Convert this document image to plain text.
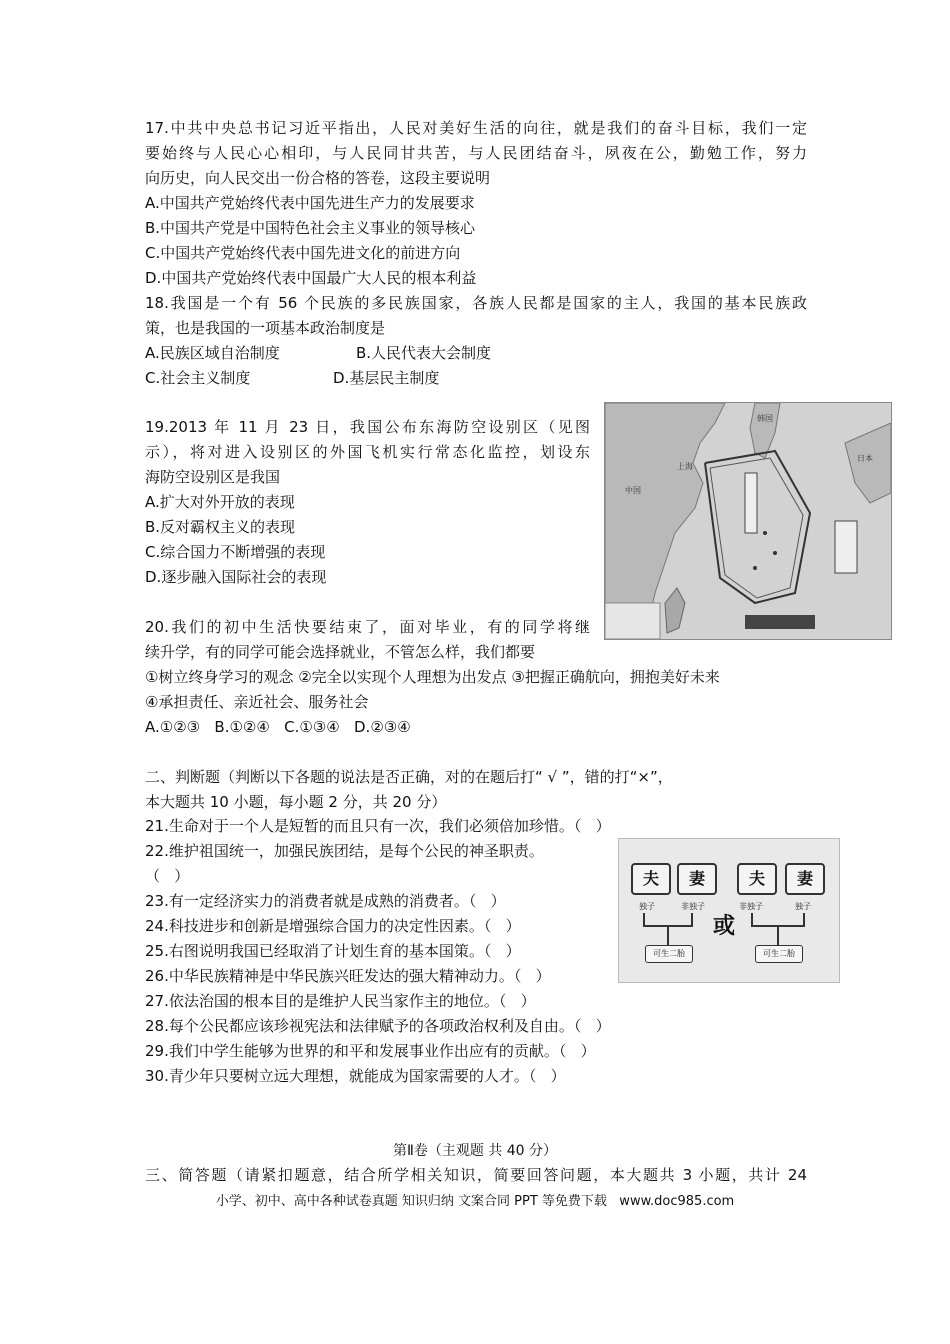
17.中共中央总书记习近平指出，人民对美好生活的向往，就是我们的奋斗目标，我们一定
要始终与人民心心相印，与人民同甘共苦，与人民团结奋斗，夙夜在公，勤勉工作，努力
向历史，向人民交出一份合格的答卷，这段主要说明
A.中国共产党始终代表中国先进生产力的发展要求
B.中国共产党是中国特色社会主义事业的领导核心
C.中国共产党始终代表中国先进文化的前进方向
D.中国共产党始终代表中国最广大人民的根本利益
18.我国是一个有 56 个民族的多民族国家，各族人民都是国家的主人，我国的基本民族政
策，也是我国的一项基本政治制度是
A.民族区域自治制度	B.人民代表大会制度
C.社会主义制度	D.基层民主制度
19.2013 年 11 月 23 日，我国公布东海防空设别区（见图
示），将对进入设别区的外国飞机实行常态化监控，划设东
海防空设别区是我国
A.扩大对外开放的表现
B.反对霸权主义的表现
C.综合国力不断增强的表现
D.逐步融入国际社会的表现
中国
上海
日本
韩国
20.我们的初中生活快要结束了，面对毕业，有的同学将继
续升学，有的同学可能会选择就业，不管怎么样，我们都要
①树立终身学习的观念 ②完全以实现个人理想为出发点 ③把握正确航向，拥抱美好未来
④承担责任、亲近社会、服务社会
A.①②③   B.①②④   C.①③④   D.②③④
二、判断题（判断以下各题的说法是否正确，对的在题后打“ √ ”，错的打“×”，
本大题共 10 小题，每小题 2 分，共 20 分）
21.生命对于一个人是短暂的而且只有一次，我们必须倍加珍惜。（   ）
22.维护祖国统一，加强民族团结，是每个公民的神圣职责。
（   ）
23.有一定经济实力的消费者就是成熟的消费者。（   ）
24.科技进步和创新是增强综合国力的决定性因素。（   ）
25.右图说明我国已经取消了计划生育的基本国策。（   ）
26.中华民族精神是中华民族兴旺发达的强大精神动力。（   ）
27.依法治国的根本目的是维护人民当家作主的地位。（   ）
28.每个公民都应该珍视宪法和法律赋予的各项政治权利及自由。（   ）
29.我们中学生能够为世界的和平和发展事业作出应有的贡献。（   ）
30.青少年只要树立远大理想，就能成为国家需要的人才。（   ）
夫	妻	夫	妻
独子	非独子	非独子	独子
或
可生二胎	可生二胎
第Ⅱ卷（主观题 共 40 分）
三、简答题（请紧扣题意，结合所学相关知识，简要回答问题，本大题共 3 小题，共计 24
小学、初中、高中各种试卷真题 知识归纳 文案合同 PPT 等免费下载   www.doc985.com
